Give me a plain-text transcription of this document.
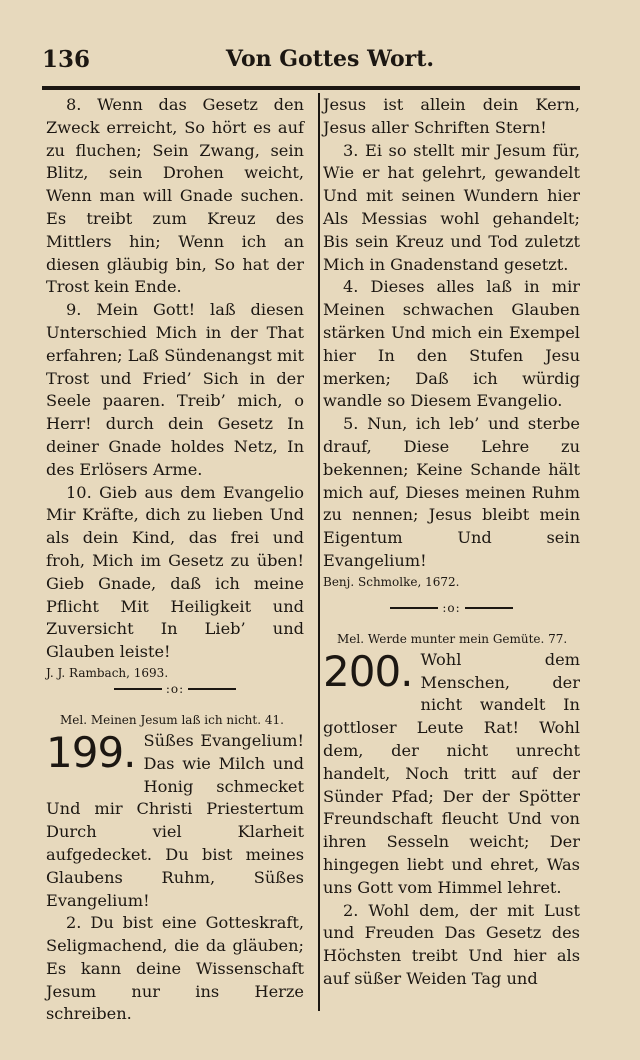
136	Von Gottes Wort.

8. Wenn das Gesetz den Zweck erreicht, So hört es auf zu fluchen; Sein Zwang, sein Blitz, sein Drohen weicht, Wenn man will Gnade suchen. Es treibt zum Kreuz des Mittlers hin; Wenn ich an diesen gläubig bin, So hat der Trost kein Ende.

9. Mein Gott! laß diesen Unterschied Mich in der That erfahren; Laß Sündenangst mit Trost und Fried’ Sich in der Seele paaren. Treib’ mich, o Herr! durch dein Gesetz In deiner Gnade holdes Netz, In des Erlösers Arme.

10. Gieb aus dem Evangelio Mir Kräfte, dich zu lieben Und als dein Kind, das frei und froh, Mich im Gesetz zu üben! Gieb Gnade, daß ich meine Pflicht Mit Heiligkeit und Zuversicht In Lieb’ und Glauben leiste!

J. J. Rambach, 1693.

:o:

Mel. Meinen Jesum laß ich nicht. 41.

199. Süßes Evangelium! Das wie Milch und Honig schmecket Und mir Christi Priestertum Durch viel Klarheit aufgedecket. Du bist meines Glaubens Ruhm, Süßes Evangelium!

2. Du bist eine Gotteskraft, Seligmachend, die da gläuben; Es kann deine Wissenschaft Jesum nur ins Herze schreiben.

Jesus ist allein dein Kern, Jesus aller Schriften Stern!

3. Ei so stellt mir Jesum für, Wie er hat gelehrt, gewandelt Und mit seinen Wundern hier Als Messias wohl gehandelt; Bis sein Kreuz und Tod zuletzt Mich in Gnadenstand gesetzt.

4. Dieses alles laß in mir Meinen schwachen Glauben stärken Und mich ein Exempel hier In den Stufen Jesu merken; Daß ich würdig wandle so Diesem Evangelio.

5. Nun, ich leb’ und sterbe drauf, Diese Lehre zu bekennen; Keine Schande hält mich auf, Dieses meinen Ruhm zu nennen; Jesus bleibt mein Eigentum Und sein Evangelium!

Benj. Schmolke, 1672.

:o:

Mel. Werde munter mein Gemüte. 77.

200. Wohl dem Menschen, der nicht wandelt In gottloser Leute Rat! Wohl dem, der nicht unrecht handelt, Noch tritt auf der Sünder Pfad; Der der Spötter Freundschaft fleucht Und von ihren Sesseln weicht; Der hingegen liebt und ehret, Was uns Gott vom Himmel lehret.

2. Wohl dem, der mit Lust und Freuden Das Gesetz des Höchsten treibt Und hier als auf süßer Weiden Tag und
